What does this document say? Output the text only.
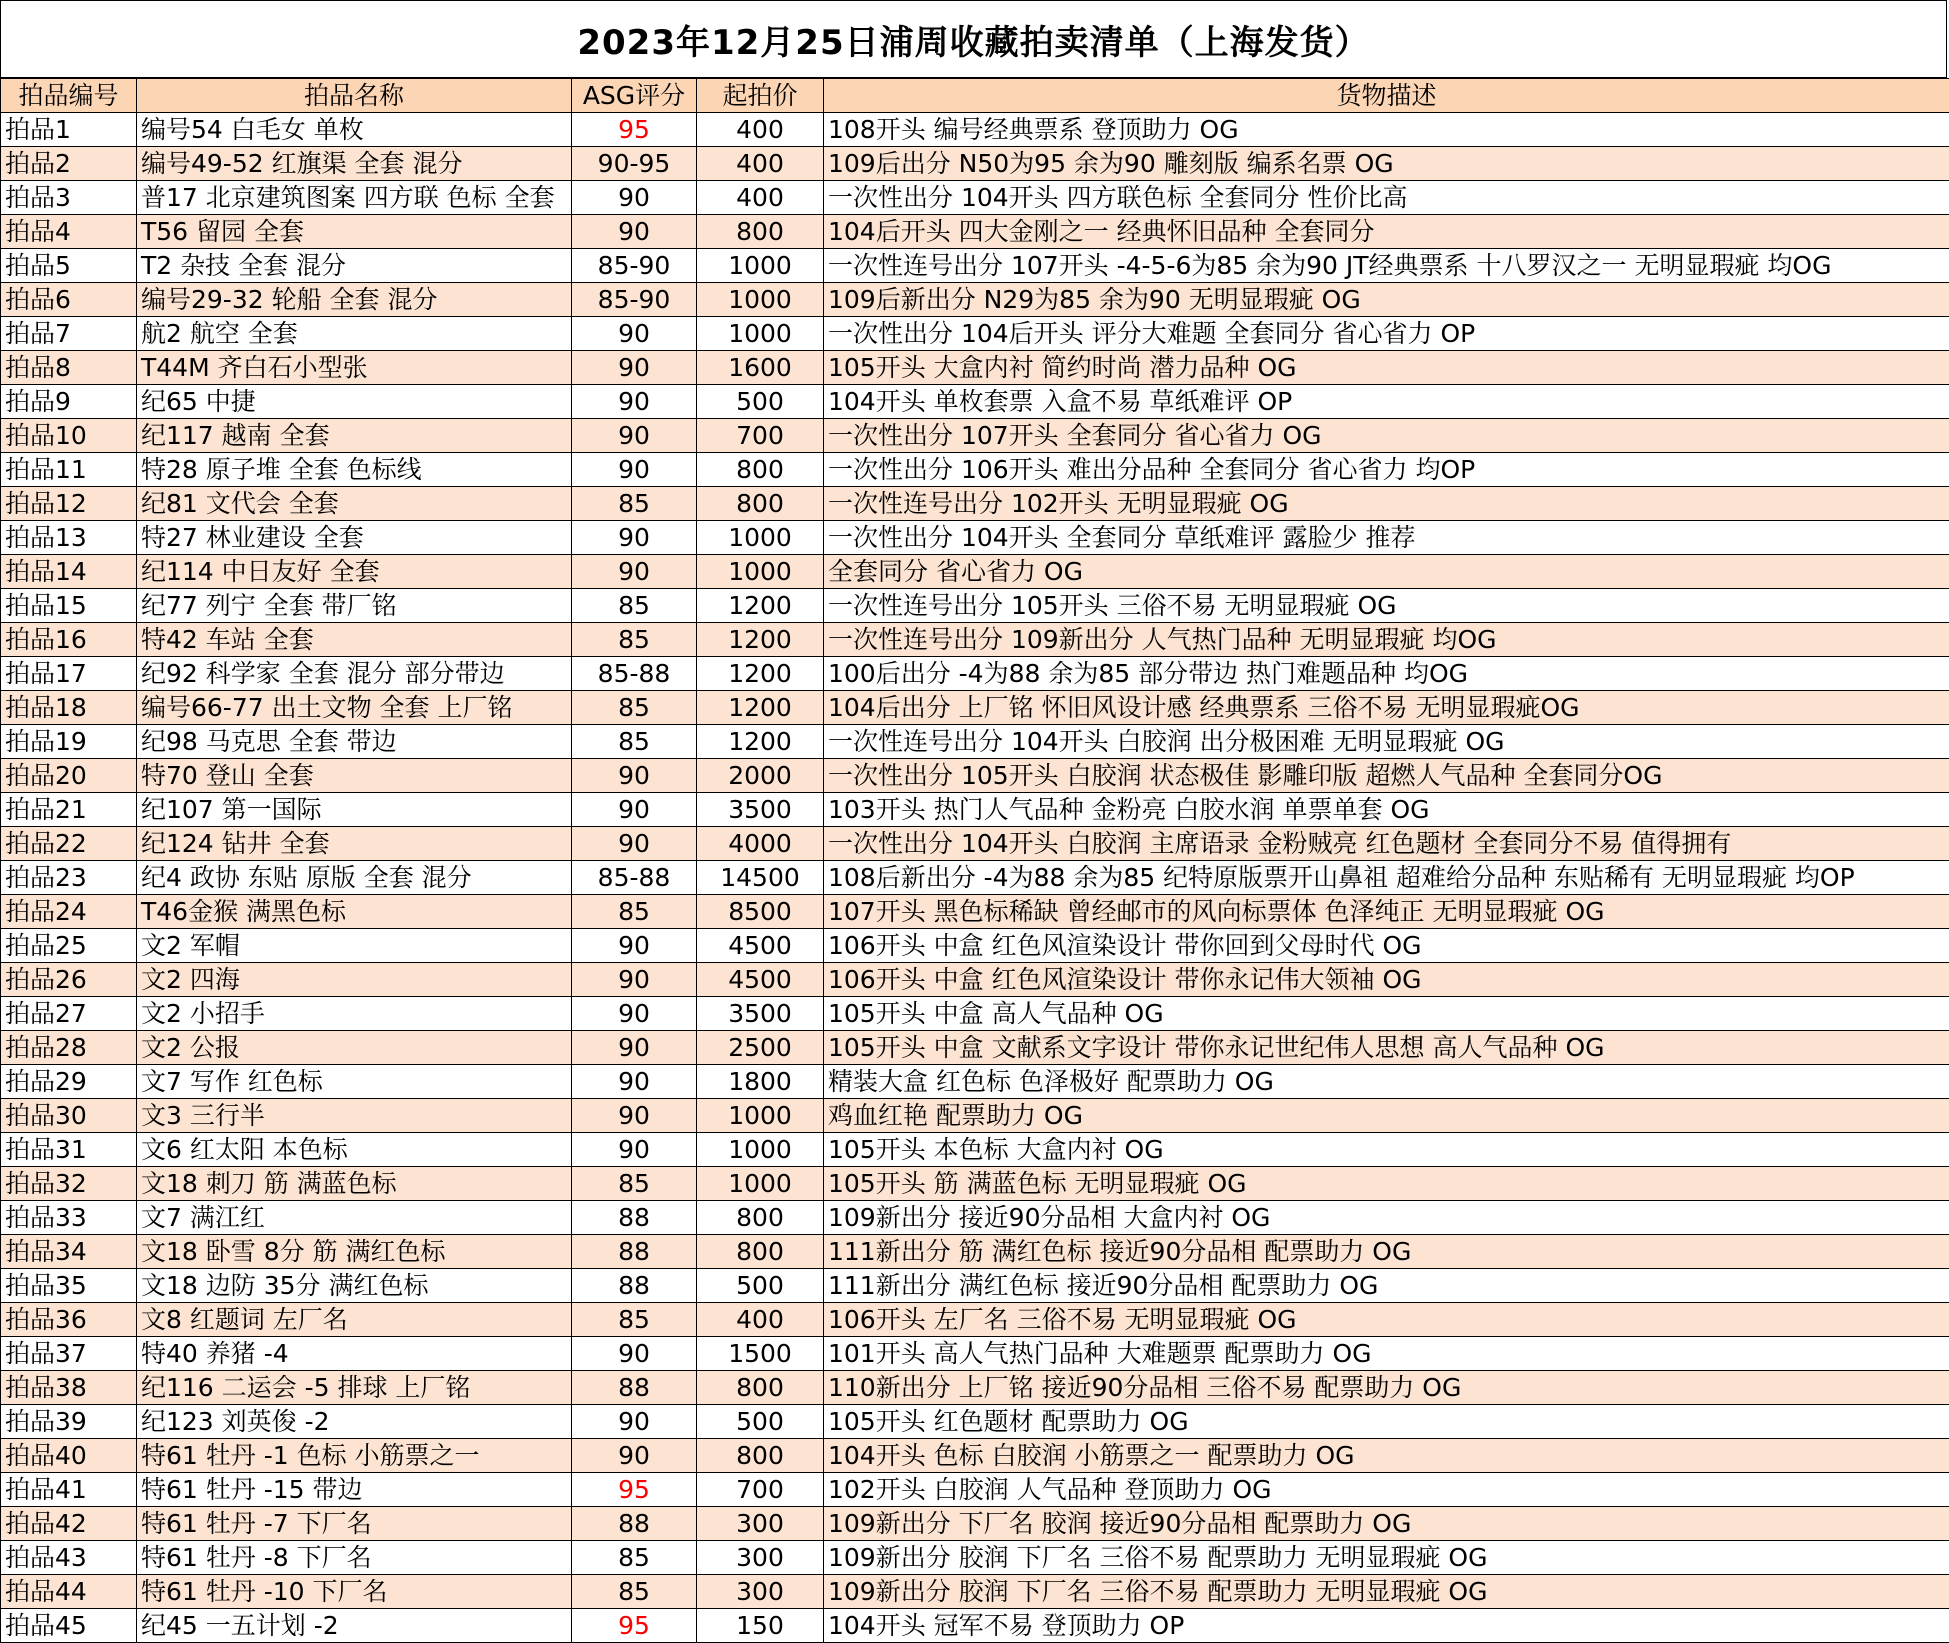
2023年12月25日浦周收藏拍卖清单（上海发货）
拍品编号	拍品名称	ASG评分	起拍价	货物描述
拍品1	编号54 白毛女 单枚	95	400	108开头 编号经典票系 登顶助力 OG
拍品2	编号49-52 红旗渠 全套 混分	90-95	400	109后出分 N50为95 余为90 雕刻版 编系名票 OG
拍品3	普17 北京建筑图案 四方联 色标 全套	90	400	一次性出分 104开头 四方联色标 全套同分 性价比高
拍品4	T56 留园 全套	90	800	104后开头 四大金刚之一 经典怀旧品种 全套同分
拍品5	T2 杂技 全套 混分	85-90	1000	一次性连号出分 107开头 -4-5-6为85 余为90 JT经典票系 十八罗汉之一 无明显瑕疵 均OG
拍品6	编号29-32 轮船 全套 混分	85-90	1000	109后新出分 N29为85 余为90 无明显瑕疵 OG
拍品7	航2 航空 全套	90	1000	一次性出分 104后开头 评分大难题 全套同分 省心省力 OP
拍品8	T44M 齐白石小型张	90	1600	105开头 大盒内衬 简约时尚 潜力品种 OG
拍品9	纪65 中捷	90	500	104开头 单枚套票 入盒不易 草纸难评 OP
拍品10	纪117 越南 全套	90	700	一次性出分 107开头 全套同分 省心省力 OG
拍品11	特28 原子堆 全套 色标线	90	800	一次性出分 106开头 难出分品种 全套同分 省心省力 均OP
拍品12	纪81 文代会 全套	85	800	一次性连号出分 102开头 无明显瑕疵 OG
拍品13	特27 林业建设 全套	90	1000	一次性出分 104开头 全套同分 草纸难评 露脸少 推荐
拍品14	纪114 中日友好 全套	90	1000	全套同分 省心省力 OG
拍品15	纪77 列宁 全套 带厂铭	85	1200	一次性连号出分 105开头 三俗不易 无明显瑕疵 OG
拍品16	特42 车站 全套	85	1200	一次性连号出分 109新出分 人气热门品种 无明显瑕疵 均OG
拍品17	纪92 科学家 全套 混分 部分带边	85-88	1200	100后出分 -4为88 余为85 部分带边 热门难题品种 均OG
拍品18	编号66-77 出土文物 全套 上厂铭	85	1200	104后出分 上厂铭 怀旧风设计感 经典票系 三俗不易 无明显瑕疵OG
拍品19	纪98 马克思 全套 带边	85	1200	一次性连号出分 104开头 白胶润 出分极困难 无明显瑕疵 OG
拍品20	特70 登山 全套	90	2000	一次性出分 105开头 白胶润 状态极佳 影雕印版 超燃人气品种 全套同分OG
拍品21	纪107 第一国际	90	3500	103开头 热门人气品种 金粉亮 白胶水润 单票单套 OG
拍品22	纪124 钻井 全套	90	4000	一次性出分 104开头 白胶润 主席语录 金粉贼亮 红色题材 全套同分不易 值得拥有
拍品23	纪4 政协 东贴 原版 全套 混分	85-88	14500	108后新出分 -4为88 余为85 纪特原版票开山鼻祖 超难给分品种 东贴稀有 无明显瑕疵 均OP
拍品24	T46金猴 满黑色标	85	8500	107开头 黑色标稀缺 曾经邮市的风向标票体 色泽纯正 无明显瑕疵 OG
拍品25	文2 军帽	90	4500	106开头 中盒 红色风渲染设计 带你回到父母时代 OG
拍品26	文2 四海	90	4500	106开头 中盒 红色风渲染设计 带你永记伟大领袖 OG
拍品27	文2 小招手	90	3500	105开头 中盒 高人气品种 OG
拍品28	文2 公报	90	2500	105开头 中盒 文献系文字设计 带你永记世纪伟人思想 高人气品种 OG
拍品29	文7 写作 红色标	90	1800	精装大盒 红色标 色泽极好 配票助力 OG
拍品30	文3 三行半	90	1000	鸡血红艳 配票助力 OG
拍品31	文6 红太阳 本色标	90	1000	105开头 本色标 大盒内衬 OG
拍品32	文18 刺刀 筋 满蓝色标	85	1000	105开头 筋 满蓝色标 无明显瑕疵 OG
拍品33	文7 满江红	88	800	109新出分 接近90分品相 大盒内衬 OG
拍品34	文18 卧雪 8分 筋 满红色标	88	800	111新出分 筋 满红色标 接近90分品相 配票助力 OG
拍品35	文18 边防 35分 满红色标	88	500	111新出分 满红色标 接近90分品相 配票助力 OG
拍品36	文8 红题词 左厂名	85	400	106开头 左厂名 三俗不易 无明显瑕疵 OG
拍品37	特40 养猪 -4	90	1500	101开头 高人气热门品种 大难题票 配票助力 OG
拍品38	纪116 二运会 -5 排球 上厂铭	88	800	110新出分 上厂铭 接近90分品相 三俗不易 配票助力 OG
拍品39	纪123 刘英俊 -2	90	500	105开头 红色题材 配票助力 OG
拍品40	特61 牡丹 -1 色标 小筋票之一	90	800	104开头 色标 白胶润 小筋票之一 配票助力 OG
拍品41	特61 牡丹 -15 带边	95	700	102开头 白胶润 人气品种 登顶助力 OG
拍品42	特61 牡丹 -7 下厂名	88	300	109新出分 下厂名 胶润 接近90分品相 配票助力 OG
拍品43	特61 牡丹 -8 下厂名	85	300	109新出分 胶润 下厂名 三俗不易 配票助力 无明显瑕疵 OG
拍品44	特61 牡丹 -10 下厂名	85	300	109新出分 胶润 下厂名 三俗不易 配票助力 无明显瑕疵 OG
拍品45	纪45 一五计划 -2	95	150	104开头 冠军不易 登顶助力 OP
